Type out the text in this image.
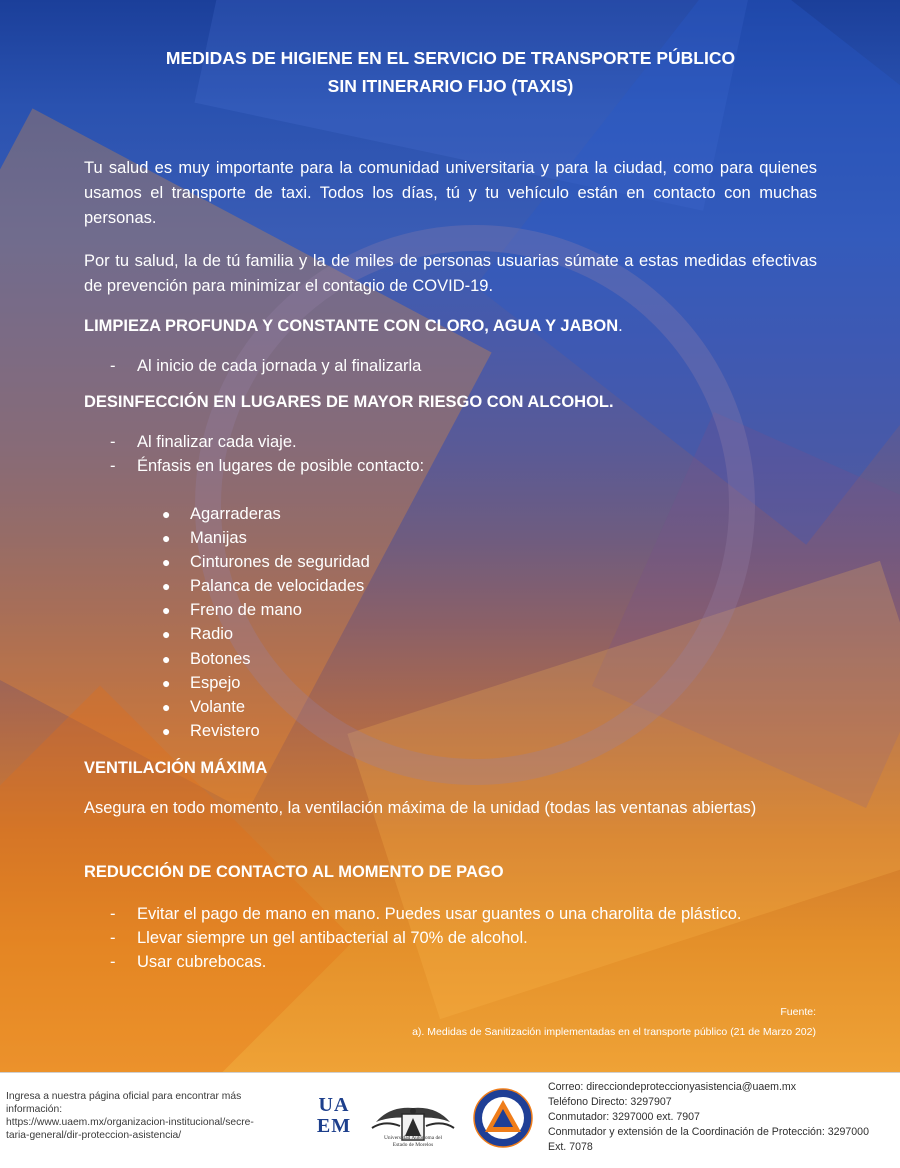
MEDIDAS DE HIGIENE EN EL SERVICIO DE TRANSPORTE PÚBLICO
SIN ITINERARIO FIJO (TAXIS)

Tu salud es muy importante para la comunidad universitaria y para la ciudad, como para quienes usamos el transporte de taxi. Todos los días, tú y tu vehículo están en contacto con muchas personas.

Por tu salud, la de tú familia y la de miles de personas usuarias súmate a estas medidas efectivas de prevención para minimizar el contagio de COVID-19.

LIMPIEZA PROFUNDA Y CONSTANTE CON CLORO, AGUA Y JABON.
- Al inicio de cada jornada y al finalizarla
DESINFECCIÓN EN LUGARES DE MAYOR RIESGO CON ALCOHOL.
- Al finalizar cada viaje.
- Énfasis en lugares de posible contacto:
● Agarraderas
● Manijas
● Cinturones de seguridad
● Palanca de velocidades
● Freno de mano
● Radio
● Botones
● Espejo
● Volante
● Revistero
VENTILACIÓN MÁXIMA

Asegura en todo momento, la ventilación máxima de la unidad (todas las ventanas abiertas)

REDUCCIÓN DE CONTACTO AL MOMENTO DE PAGO
- Evitar el pago de mano en mano. Puedes usar guantes o una charolita de plástico.
- Llevar siempre un gel antibacterial al 70% de alcohol.
- Usar cubrebocas.

Fuente:

a). Medidas de Sanitización implementadas en el transporte público (21 de Marzo 202)

Ingresa a nuestra página oficial para encontrar más
información:
https://www.uaem.mx/organizacion-institucional/secre-
taria-general/dir-proteccion-asistencia/

UA
EM
Universidad Autónoma del
Estado de Morelos

Correo: direcciondeproteccionyasistencia@uaem.mx
Teléfono Directo: 3297907
Conmutador: 3297000 ext. 7907
Conmutador y extensión de la Coordinación de Protección: 3297000
Ext. 7078
